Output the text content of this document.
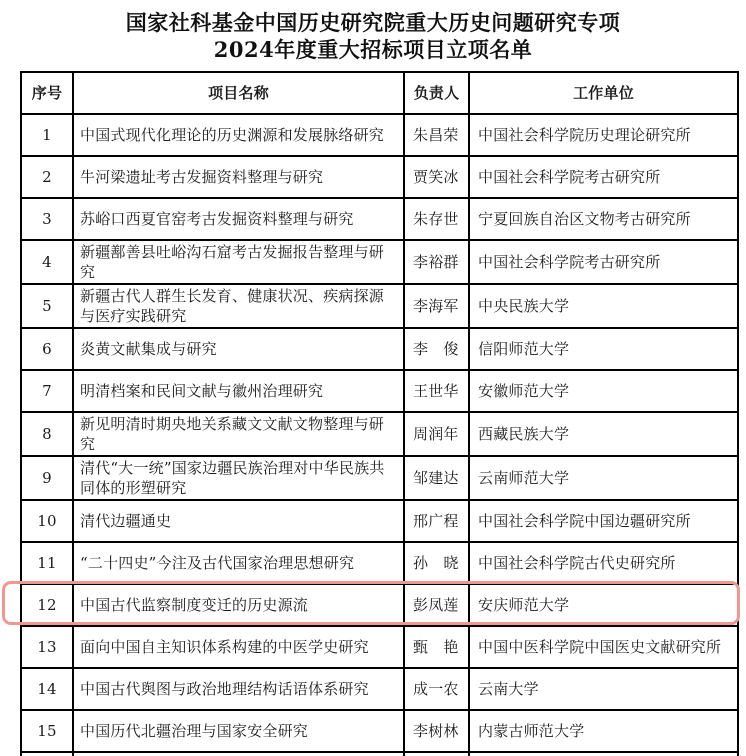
国家社科基金中国历史研究院重大历史问题研究专项
2024年度重大招标项目立项名单
序号	项目名称	负责人	工作单位
1	中国式现代化理论的历史渊源和发展脉络研究	朱昌荣	中国社会科学院历史理论研究所
2	牛河梁遗址考古发掘资料整理与研究	贾笑冰	中国社会科学院考古研究所
3	苏峪口西夏官窑考古发掘资料整理与研究	朱存世	宁夏回族自治区文物考古研究所
4	新疆鄯善县吐峪沟石窟考古发掘报告整理与研究	李裕群	中国社会科学院考古研究所
5	新疆古代人群生长发育、健康状况、疾病探源与医疗实践研究	李海军	中央民族大学
6	炎黄文献集成与研究	李　俊	信阳师范大学
7	明清档案和民间文献与徽州治理研究	王世华	安徽师范大学
8	新见明清时期央地关系藏文文献文物整理与研究	周润年	西藏民族大学
9	清代“大一统”国家边疆民族治理对中华民族共同体的形塑研究	邹建达	云南师范大学
10	清代边疆通史	邢广程	中国社会科学院中国边疆研究所
11	“二十四史”今注及古代国家治理思想研究	孙　晓	中国社会科学院古代史研究所
12	中国古代监察制度变迁的历史源流	彭凤莲	安庆师范大学
13	面向中国自主知识体系构建的中医学史研究	甄　艳	中国中医科学院中国医史文献研究所
14	中国古代舆图与政治地理结构话语体系研究	成一农	云南大学
15	中国历代北疆治理与国家安全研究	李树林	内蒙古师范大学
